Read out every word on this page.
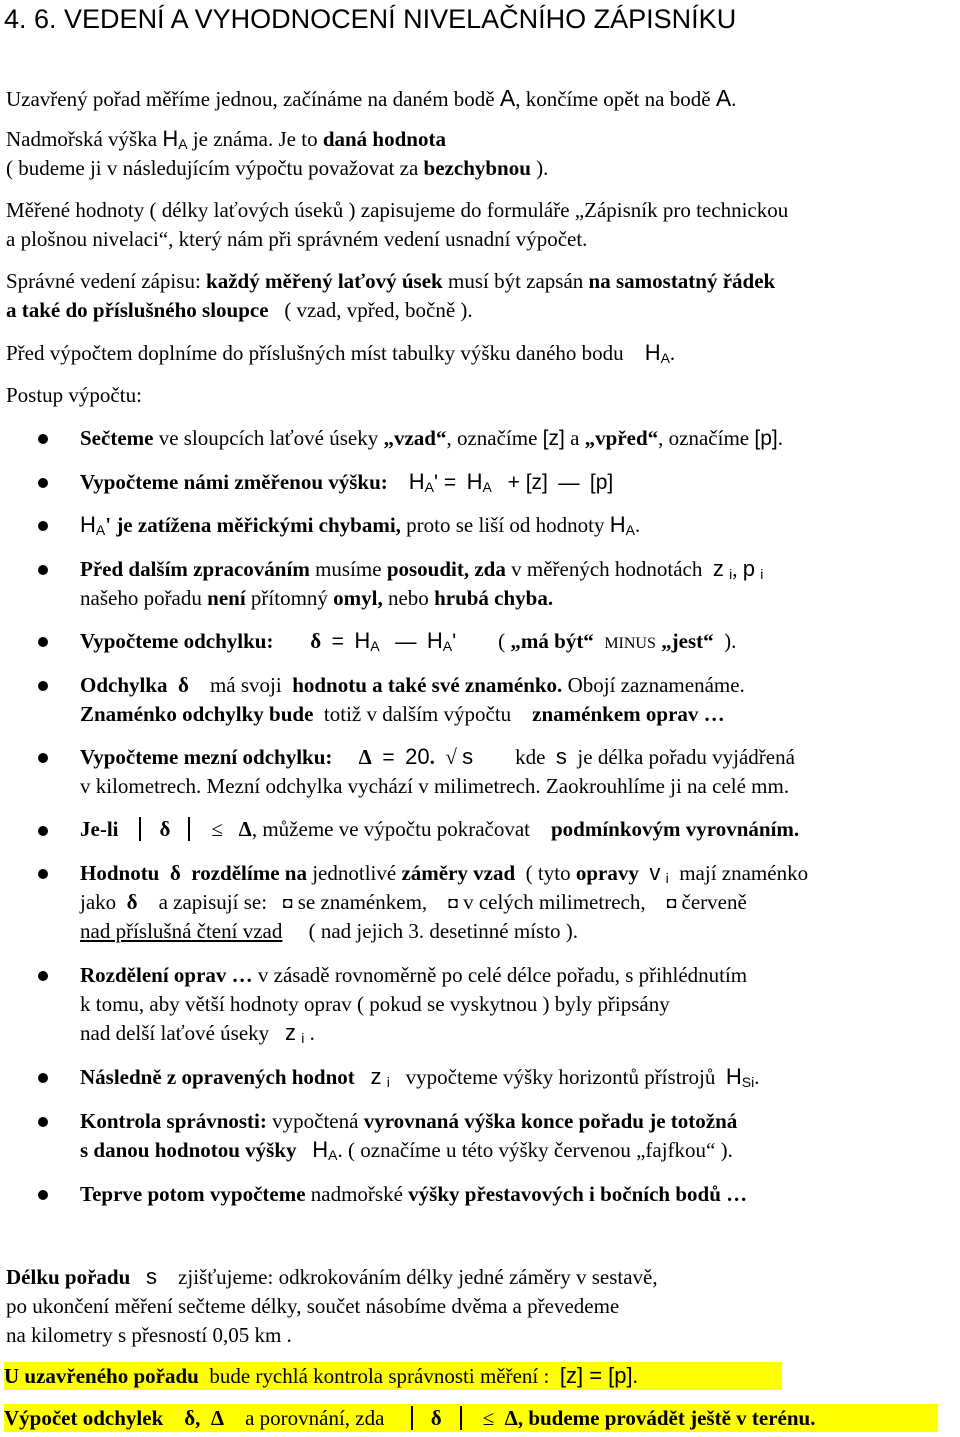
4. 6. VEDENÍ A VYHODNOCENÍ NIVELAČNÍHO ZÁPISNÍKU
Uzavřený pořad měříme jednou, začínáme na daném bodě A, končíme opět na bodě A.
Nadmořská výška HA je známa. Je to daná hodnota
( budeme ji v následujícím výpočtu považovat za bezchybnou ).
Měřené hodnoty ( délky laťových úseků ) zapisujeme do formuláře „Zápisník pro technickou
a plošnou nivelaci“, který nám při správném vedení usnadní výpočet.
Správné vedení zápisu: každý měřený laťový úsek musí být zapsán na samostatný řádek
a také do příslušného sloupce ( vzad, vpřed, bočně ).
Před výpočtem doplníme do příslušných míst tabulky výšku daného bodu HA.
Postup výpočtu:
Sečteme ve sloupcích laťové úseky „vzad“, označíme [z] a „vpřed“, označíme [p].
Vypočteme námi změřenou výšku: HA' = HA + [z] — [p]
HA' je zatížena měřickými chybami, proto se liší od hodnoty HA.
Před dalším zpracováním musíme posoudit, zda v měřených hodnotách z i, p i
našeho pořadu není přítomný omyl, nebo hrubá chyba.
Vypočteme odchylku: δ = HA — HA' ( „má být“ MINUS „jest“ ).
Odchylka δ má svoji hodnotu a také své znaménko. Obojí zaznamenáme.
Znaménko odchylky bude totiž v dalším výpočtu znaménkem oprav …
Vypočteme mezní odchylku: Δ = 20. √ s kde s je délka pořadu vyjádřená
v kilometrech. Mezní odchylka vychází v milimetrech. Zaokrouhlíme ji na celé mm.
Je-li δ ≤ Δ, můžeme ve výpočtu pokračovat podmínkovým vyrovnáním.
Hodnotu δ rozdělíme na jednotlivé záměry vzad ( tyto opravy v i mají znaménko
jako δ a zapisují se: ◘ se znaménkem, ◘ v celých milimetrech, ◘ červeně
nad příslušná čtení vzad ( nad jejich 3. desetinné místo ).
Rozdělení oprav … v zásadě rovnoměrně po celé délce pořadu, s přihlédnutím
k tomu, aby větší hodnoty oprav ( pokud se vyskytnou ) byly připsány
nad delší laťové úseky z i .
Následně z opravených hodnot z i vypočteme výšky horizontů přístrojů HSi.
Kontrola správnosti: vypočtená vyrovnaná výška konce pořadu je totožná
s danou hodnotou výšky HA. ( označíme u této výšky červenou „fajfkou“ ).
Teprve potom vypočteme nadmořské výšky přestavových i bočních bodů …
Délku pořadu s zjišťujeme: odkrokováním délky jedné záměry v sestavě,
po ukončení měření sečteme délky, součet násobíme dvěma a převedeme
na kilometry s přesností 0,05 km .
U uzavřeného pořadu bude rychlá kontrola správnosti měření : [z] = [p].
Výpočet odchylek δ, Δ a porovnání, zda δ ≤ Δ, budeme provádět ještě v terénu.
